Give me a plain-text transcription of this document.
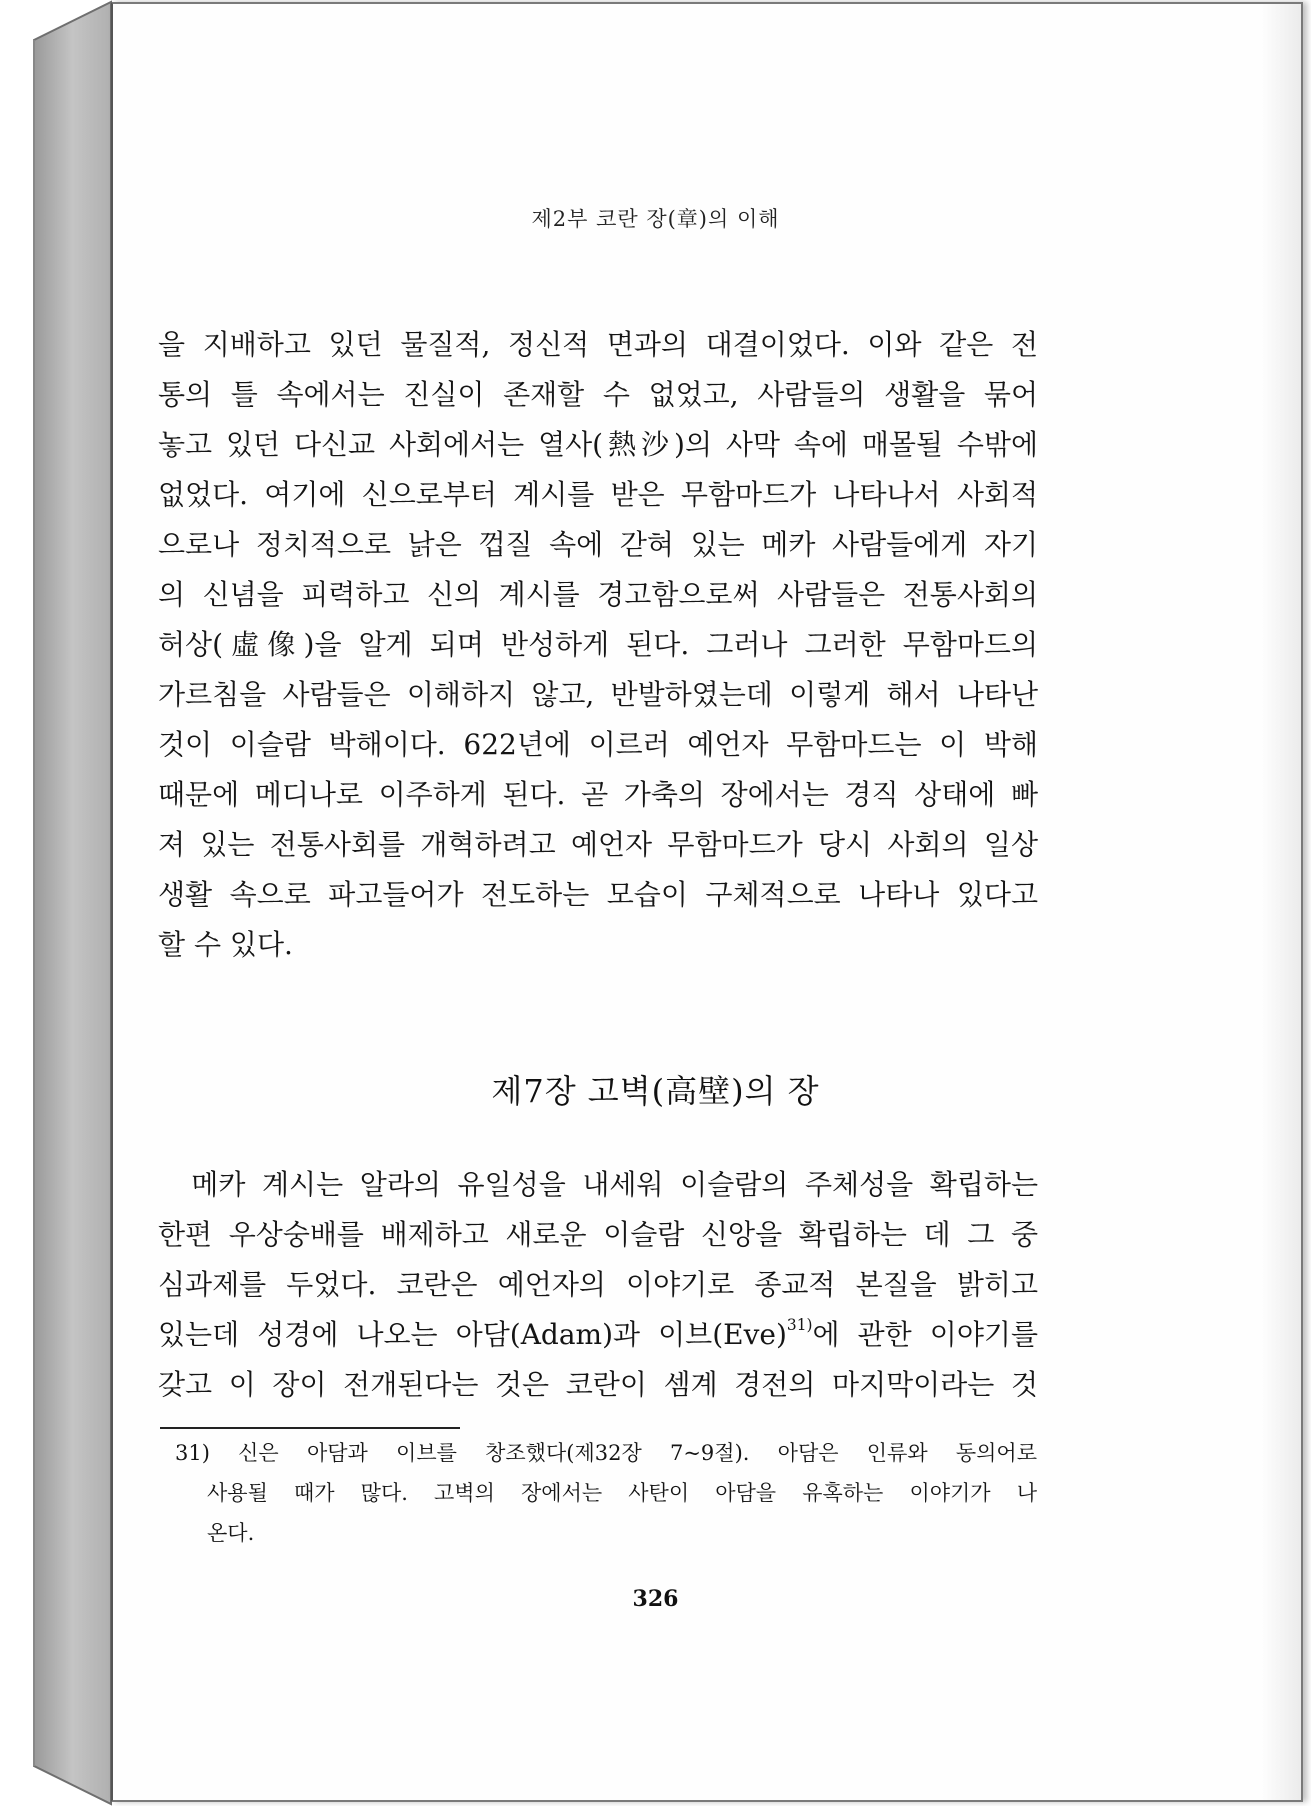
제2부 코란 장(章)의 이해
을 지배하고 있던 물질적, 정신적 면과의 대결이었다. 이와 같은 전
통의 틀 속에서는 진실이 존재할 수 없었고, 사람들의 생활을 묶어
놓고 있던 다신교 사회에서는 열사(熱沙)의 사막 속에 매몰될 수밖에
없었다. 여기에 신으로부터 계시를 받은 무함마드가 나타나서 사회적
으로나 정치적으로 낡은 껍질 속에 갇혀 있는 메카 사람들에게 자기
의 신념을 피력하고 신의 계시를 경고함으로써 사람들은 전통사회의
허상(虛像)을 알게 되며 반성하게 된다. 그러나 그러한 무함마드의
가르침을 사람들은 이해하지 않고, 반발하였는데 이렇게 해서 나타난
것이 이슬람 박해이다. 622년에 이르러 예언자 무함마드는 이 박해
때문에 메디나로 이주하게 된다. 곧 가축의 장에서는 경직 상태에 빠
져 있는 전통사회를 개혁하려고 예언자 무함마드가 당시 사회의 일상
생활 속으로 파고들어가 전도하는 모습이 구체적으로 나타나 있다고
할 수 있다.
제7장 고벽(高壁)의 장
메카 계시는 알라의 유일성을 내세워 이슬람의 주체성을 확립하는
한편 우상숭배를 배제하고 새로운 이슬람 신앙을 확립하는 데 그 중
심과제를 두었다. 코란은 예언자의 이야기로 종교적 본질을 밝히고
있는데 성경에 나오는 아담(Adam)과 이브(Eve)$^{31)}$에 관한 이야기를
갖고 이 장이 전개된다는 것은 코란이 셈계 경전의 마지막이라는 것
31) 신은 아담과 이브를 창조했다(제32장 7~9절). 아담은 인류와 동의어로
사용될 때가 많다. 고벽의 장에서는 사탄이 아담을 유혹하는 이야기가 나
온다.
326
